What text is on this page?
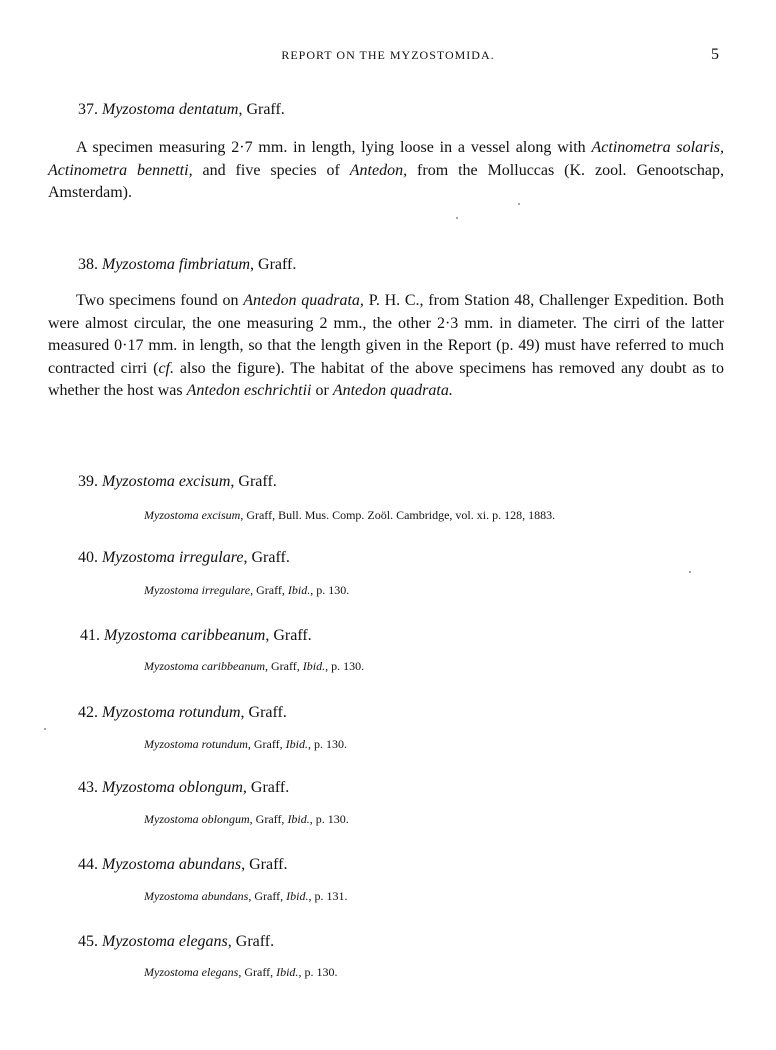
REPORT ON THE MYZOSTOMIDA.	5
37. Myzostoma dentatum, Graff.
A specimen measuring 2·7 mm. in length, lying loose in a vessel along with Actinometra solaris, Actinometra bennetti, and five species of Antedon, from the Molluccas (K. zool. Genootschap, Amsterdam).
38. Myzostoma fimbriatum, Graff.
Two specimens found on Antedon quadrata, P. H. C., from Station 48, Challenger Expedition. Both were almost circular, the one measuring 2 mm., the other 2·3 mm. in diameter. The cirri of the latter measured 0·17 mm. in length, so that the length given in the Report (p. 49) must have referred to much contracted cirri (cf. also the figure). The habitat of the above specimens has removed any doubt as to whether the host was Antedon eschrichtii or Antedon quadrata.
39. Myzostoma excisum, Graff.
Myzostoma excisum, Graff, Bull. Mus. Comp. Zoöl. Cambridge, vol. xi. p. 128, 1883.
40. Myzostoma irregulare, Graff.
Myzostoma irregulare, Graff, Ibid., p. 130.
41. Myzostoma caribbeanum, Graff.
Myzostoma caribbeanum, Graff, Ibid., p. 130.
42. Myzostoma rotundum, Graff.
Myzostoma rotundum, Graff, Ibid., p. 130.
43. Myzostoma oblongum, Graff.
Myzostoma oblongum, Graff, Ibid., p. 130.
44. Myzostoma abundans, Graff.
Myzostoma abundans, Graff, Ibid., p. 131.
45. Myzostoma elegans, Graff.
Myzostoma elegans, Graff, Ibid., p. 130.
